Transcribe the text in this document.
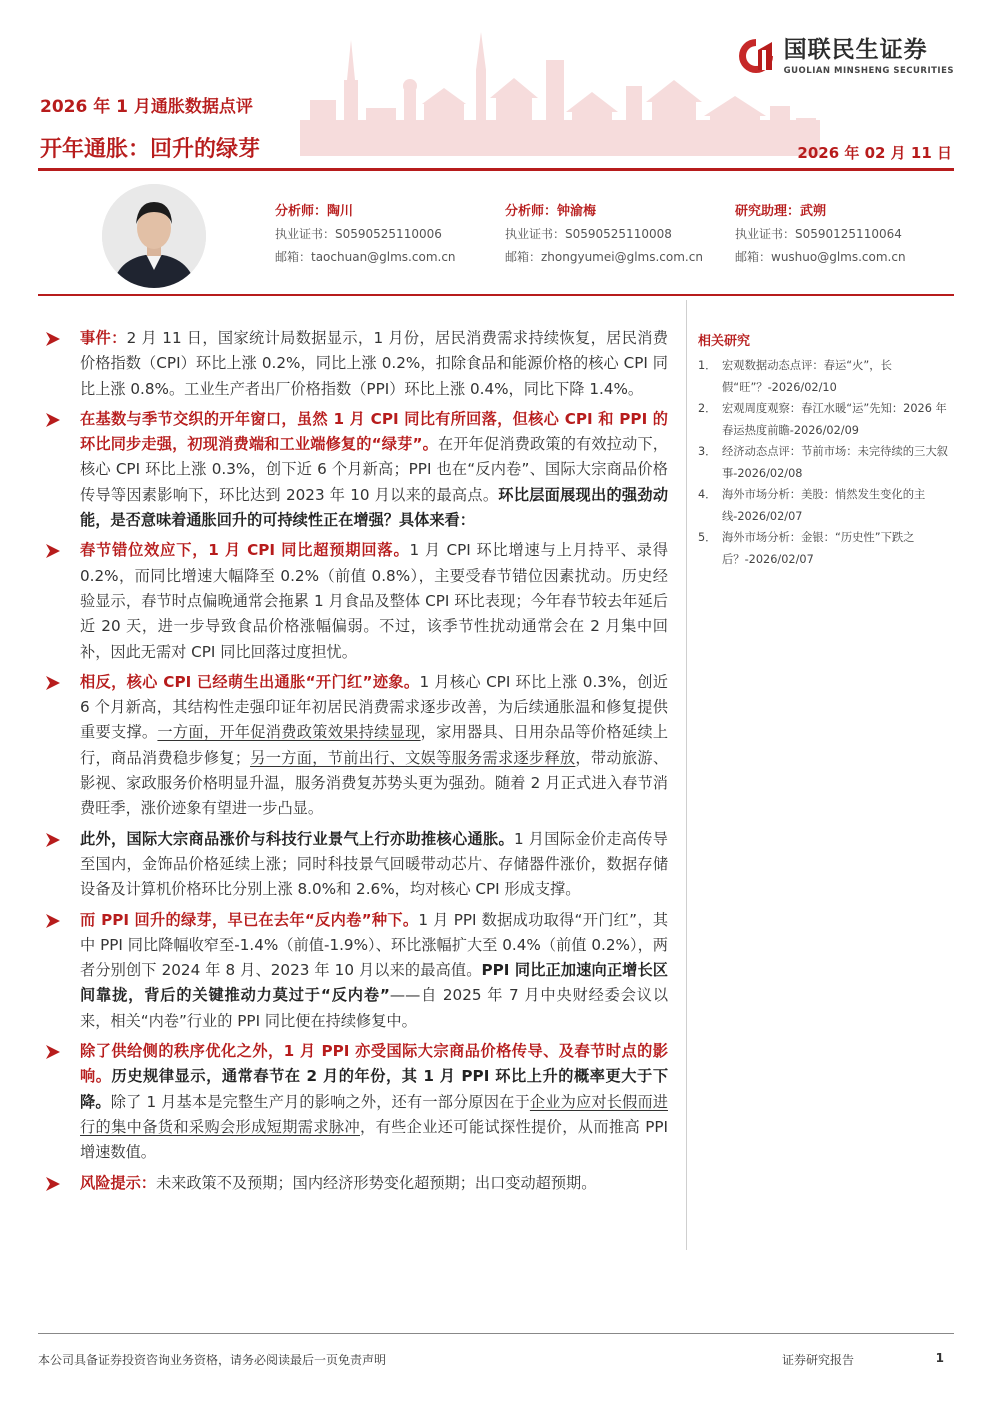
国联民生证券
GUOLIAN MINSHENG SECURITIES
2026 年 1 月通胀数据点评
开年通胀：回升的绿芽	2026 年 02 月 11 日
分析师：陶川
执业证书：S0590525110006
邮箱：taochuan@glms.com.cn
分析师：钟渝梅
执业证书：S0590525110008
邮箱：zhongyumei@glms.com.cn
研究助理：武朔
执业证书：S0590125110064
邮箱：wushuo@glms.com.cn
事件：2 月 11 日，国家统计局数据显示，1 月份，居民消费需求持续恢复，居民消费价格指数（CPI）环比上涨 0.2%，同比上涨 0.2%，扣除食品和能源价格的核心 CPI 同比上涨 0.8%。工业生产者出厂价格指数（PPI）环比上涨 0.4%，同比下降 1.4%。
在基数与季节交织的开年窗口，虽然 1 月 CPI 同比有所回落，但核心 CPI 和 PPI 的环比同步走强，初现消费端和工业端修复的“绿芽”。在开年促消费政策的有效拉动下，核心 CPI 环比上涨 0.3%，创下近 6 个月新高；PPI 也在“反内卷”、国际大宗商品价格传导等因素影响下，环比达到 2023 年 10 月以来的最高点。环比层面展现出的强劲动能，是否意味着通胀回升的可持续性正在增强？具体来看：
春节错位效应下，1 月 CPI 同比超预期回落。1 月 CPI 环比增速与上月持平、录得 0.2%，而同比增速大幅降至 0.2%（前值 0.8%），主要受春节错位因素扰动。历史经验显示，春节时点偏晚通常会拖累 1 月食品及整体 CPI 环比表现；今年春节较去年延后近 20 天，进一步导致食品价格涨幅偏弱。不过，该季节性扰动通常会在 2 月集中回补，因此无需对 CPI 同比回落过度担忧。
相反，核心 CPI 已经萌生出通胀“开门红”迹象。1 月核心 CPI 环比上涨 0.3%，创近 6 个月新高，其结构性走强印证年初居民消费需求逐步改善，为后续通胀温和修复提供重要支撑。一方面，开年促消费政策效果持续显现，家用器具、日用杂品等价格延续上行，商品消费稳步修复；另一方面，节前出行、文娱等服务需求逐步释放，带动旅游、影视、家政服务价格明显升温，服务消费复苏势头更为强劲。随着 2 月正式进入春节消费旺季，涨价迹象有望进一步凸显。
此外，国际大宗商品涨价与科技行业景气上行亦助推核心通胀。1 月国际金价走高传导至国内，金饰品价格延续上涨；同时科技景气回暖带动芯片、存储器件涨价，数据存储设备及计算机价格环比分别上涨 8.0%和 2.6%，均对核心 CPI 形成支撑。
而 PPI 回升的绿芽，早已在去年“反内卷”种下。1 月 PPI 数据成功取得“开门红”，其中 PPI 同比降幅收窄至-1.4%（前值-1.9%）、环比涨幅扩大至 0.4%（前值 0.2%），两者分别创下 2024 年 8 月、2023 年 10 月以来的最高值。PPI 同比正加速向正增长区间靠拢，背后的关键推动力莫过于“反内卷”——自 2025 年 7 月中央财经委会议以来，相关“内卷”行业的 PPI 同比便在持续修复中。
除了供给侧的秩序优化之外，1 月 PPI 亦受国际大宗商品价格传导、及春节时点的影响。历史规律显示，通常春节在 2 月的年份，其 1 月 PPI 环比上升的概率更大于下降。除了 1 月基本是完整生产月的影响之外，还有一部分原因在于企业为应对长假而进行的集中备货和采购会形成短期需求脉冲，有些企业还可能试探性提价，从而推高 PPI 增速数值。
风险提示：未来政策不及预期；国内经济形势变化超预期；出口变动超预期。
相关研究
1． 宏观数据动态点评：春运“火”，长假“旺”？-2026/02/10
2． 宏观周度观察：春江水暖“运”先知：2026 年春运热度前瞻-2026/02/09
3． 经济动态点评：节前市场：未完待续的三大叙事-2026/02/08
4． 海外市场分析：美股：悄然发生变化的主线-2026/02/07
5． 海外市场分析：金银：“历史性”下跌之后？-2026/02/07
本公司具备证券投资咨询业务资格，请务必阅读最后一页免责声明	证券研究报告	1
